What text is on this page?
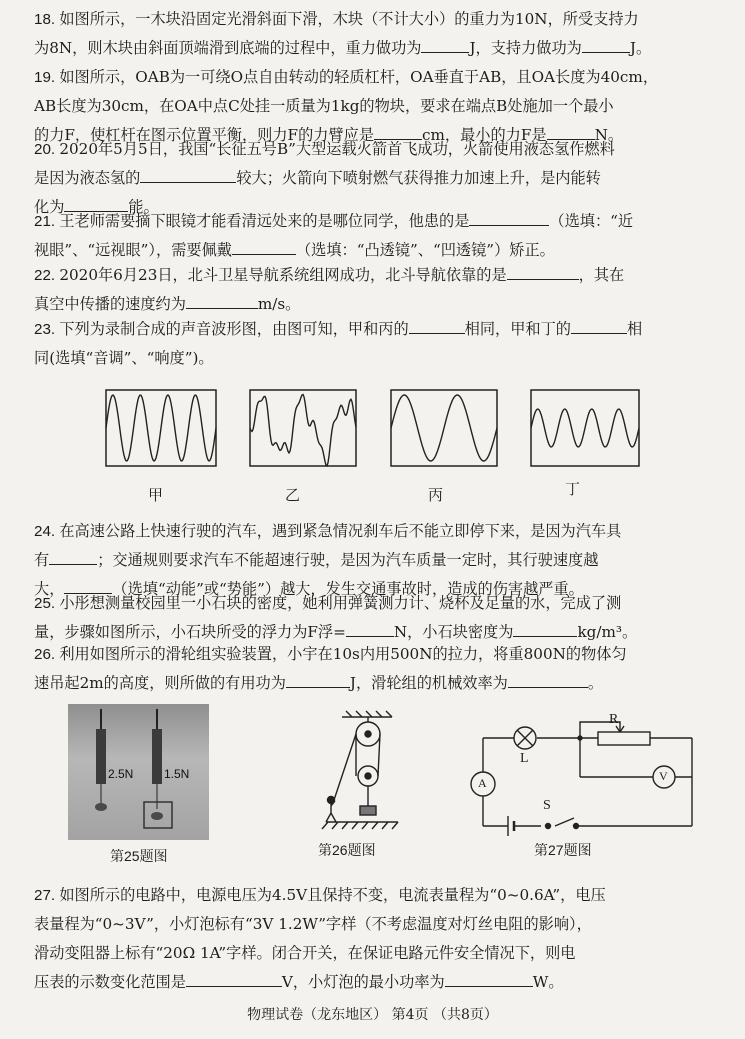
18. 如图所示，一木块沿固定光滑斜面下滑，木块（不计大小）的重力为10N，所受支持力
为8N，则木块由斜面顶端滑到底端的过程中，重力做功为	J，支持力做功为	J。
19. 如图所示，OAB为一可绕O点自由转动的轻质杠杆，OA垂直于AB，且OA长度为40cm，
AB长度为30cm，在OA中点C处挂一质量为1kg的物块，要求在端点B处施加一个最小
的力F，使杠杆在图示位置平衡，则力F的力臂应是	cm，最小的力F是	N。
20. 2020年5月5日，我国“长征五号B”大型运载火箭首飞成功，火箭使用液态氢作燃料
是因为液态氢的	较大；火箭向下喷射燃气获得推力加速上升，是内能转
化为	能。
21. 王老师需要摘下眼镜才能看清远处来的是哪位同学，他患的是	（选填：“近
视眼”、“远视眼”），需要佩戴	（选填：“凸透镜”、“凹透镜”）矫正。
22. 2020年6月23日，北斗卫星导航系统组网成功，北斗导航依靠的是	，其在
真空中传播的速度约为	m/s。
23. 下列为录制合成的声音波形图，由图可知，甲和丙的	相同，甲和丁的	相
同(选填“音调”、“响度”)。
24. 在高速公路上快速行驶的汽车，遇到紧急情况刹车后不能立即停下来，是因为汽车具
有	；交通规则要求汽车不能超速行驶，是因为汽车质量一定时，其行驶速度越
大，	（选填“动能”或“势能”）越大，发生交通事故时，造成的伤害越严重。
25. 小彤想测量校园里一小石块的密度，她利用弹簧测力计、烧杯及足量的水，完成了测
量，步骤如图所示，小石块所受的浮力为F浮=	N，小石块密度为	kg/m³。
26. 利用如图所示的滑轮组实验装置，小宇在10s内用500N的拉力，将重800N的物体匀
速吊起2m的高度，则所做的有用功为	J，滑轮组的机械效率为	。
27. 如图所示的电路中，电源电压为4.5V且保持不变，电流表量程为“0~0.6A”，电压
表量程为“0~3V”，小灯泡标有“3V 1.2W”字样（不考虑温度对灯丝电阻的影响），
滑动变阻器上标有“20Ω 1A”字样。闭合开关，在保证电路元件安全情况下，则电
压表的示数变化范围是	V，小灯泡的最小功率为	W。
2.5N	1.5N
L
R
A	V
S
甲	乙	丙	丁
第25题图	第26题图	第27题图
物理试卷（龙东地区） 第4页 （共8页）
